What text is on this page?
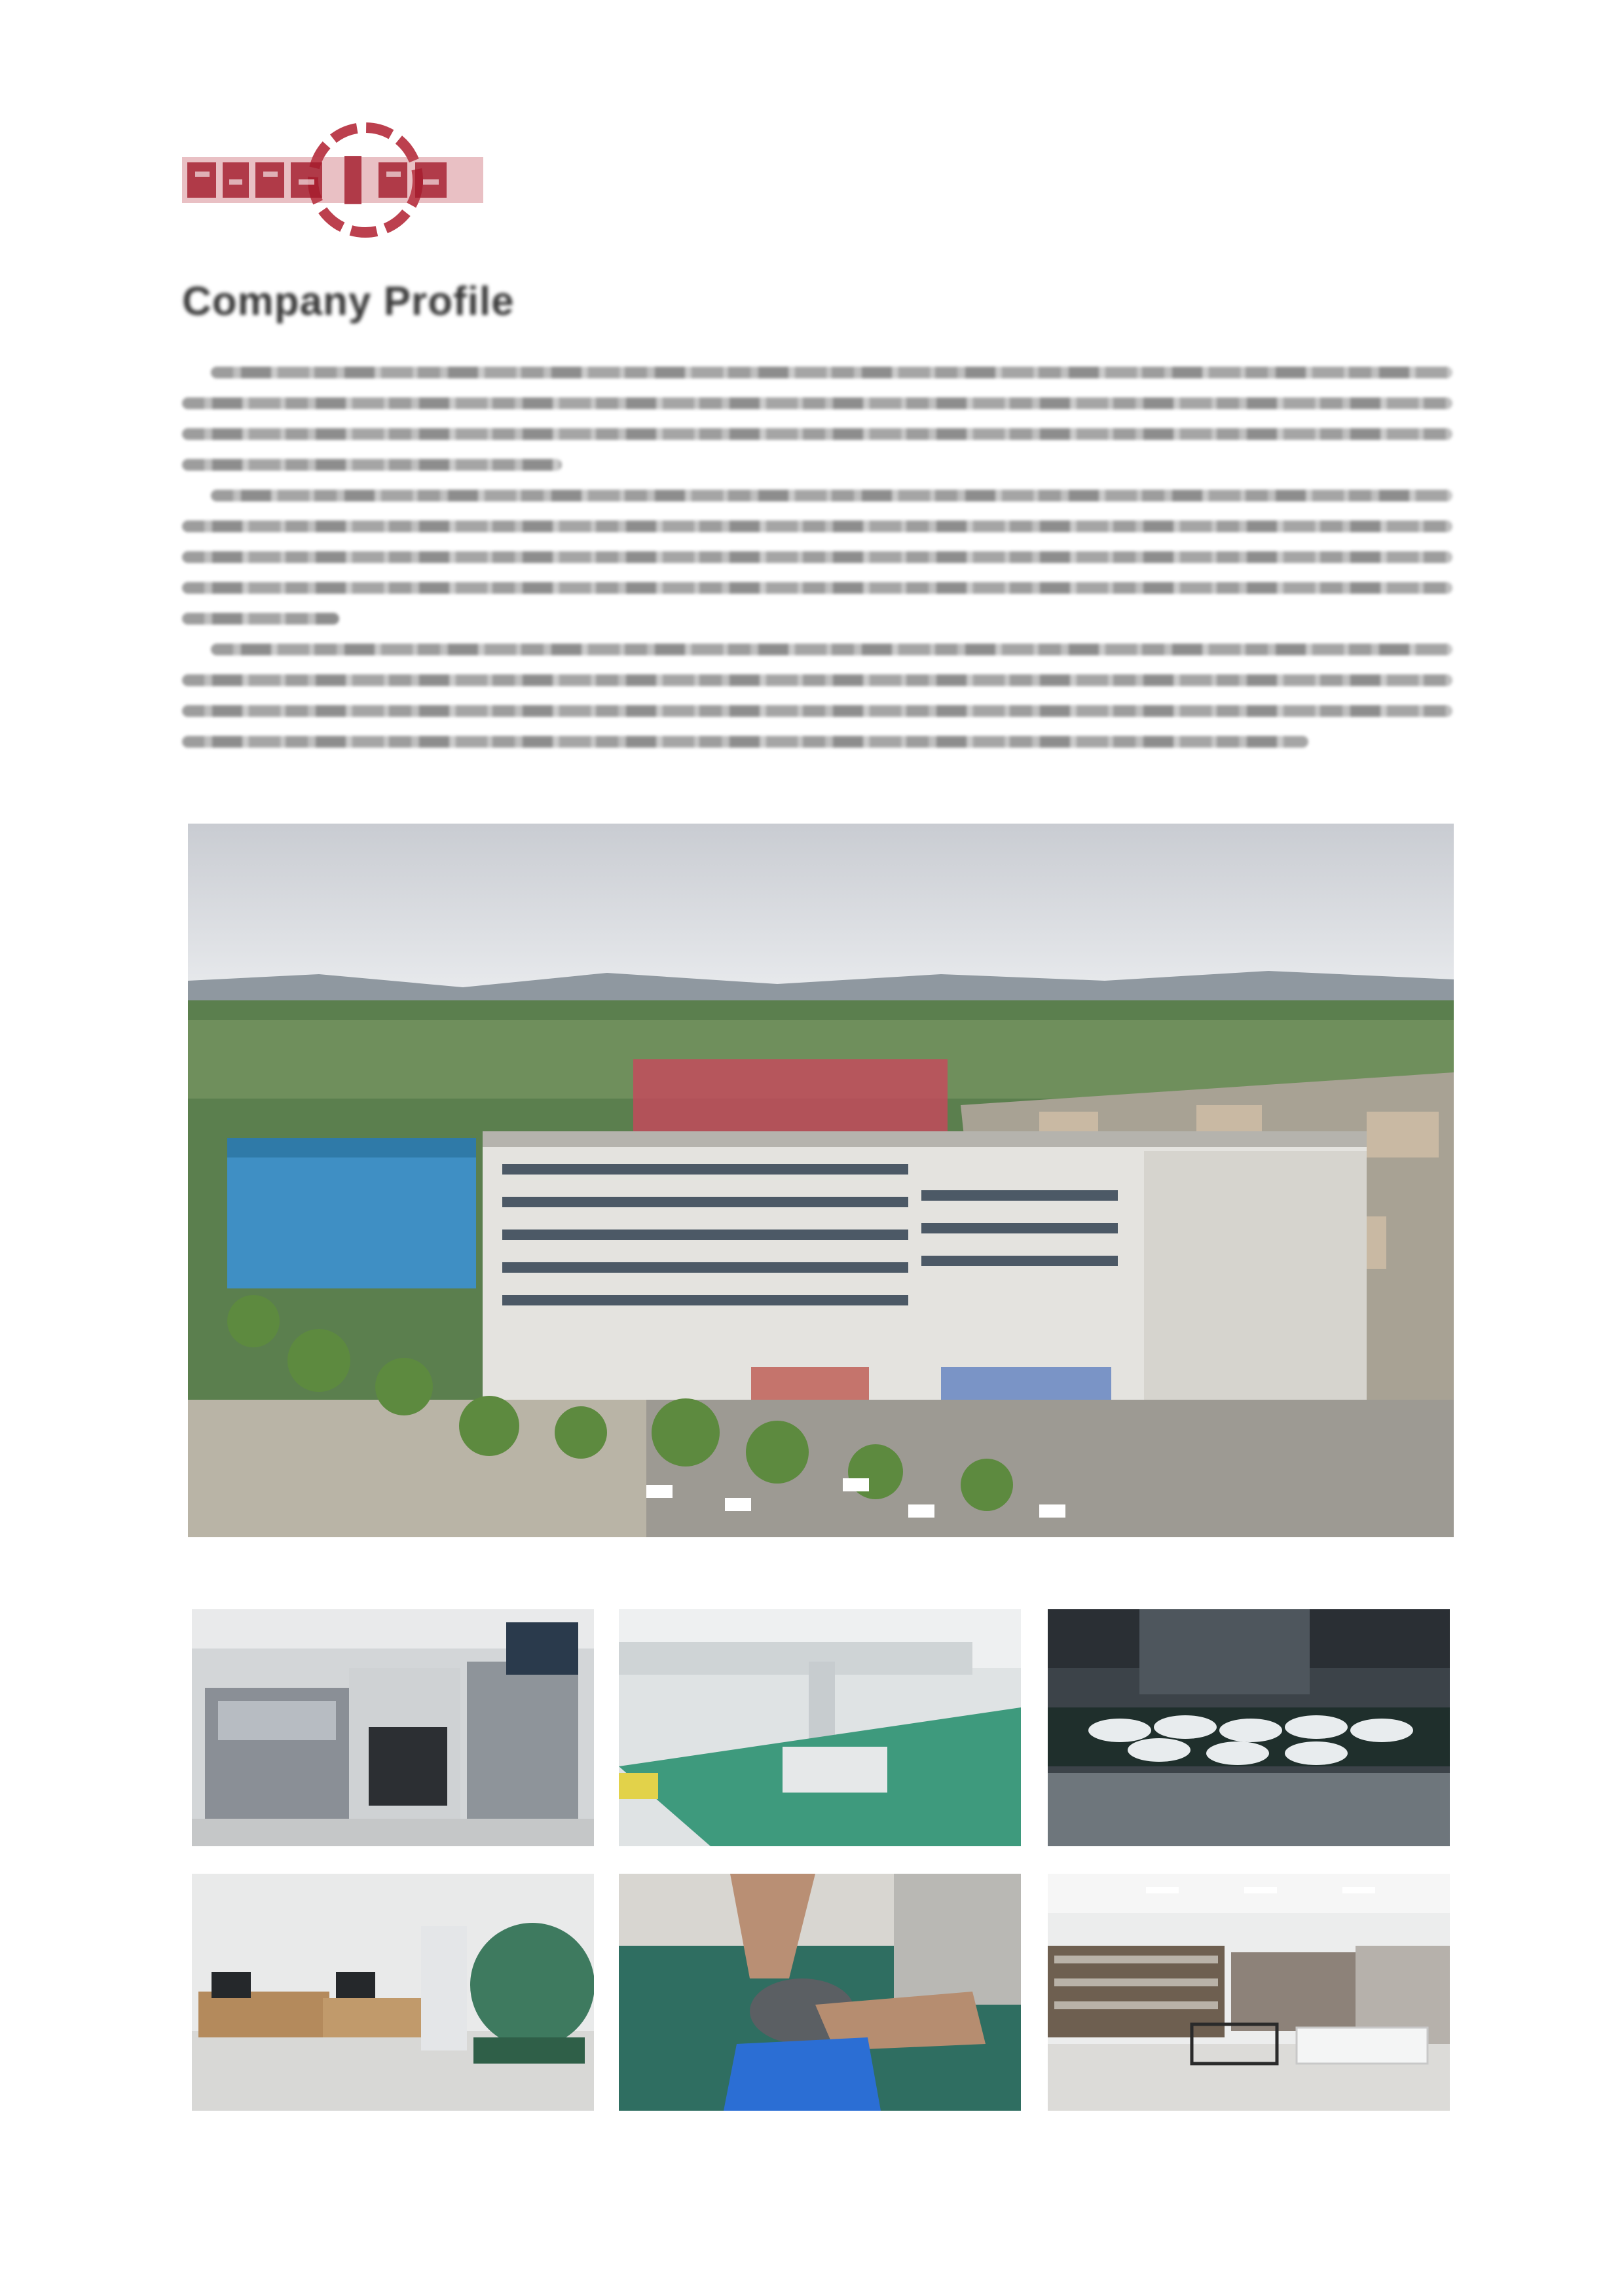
Company Profile
